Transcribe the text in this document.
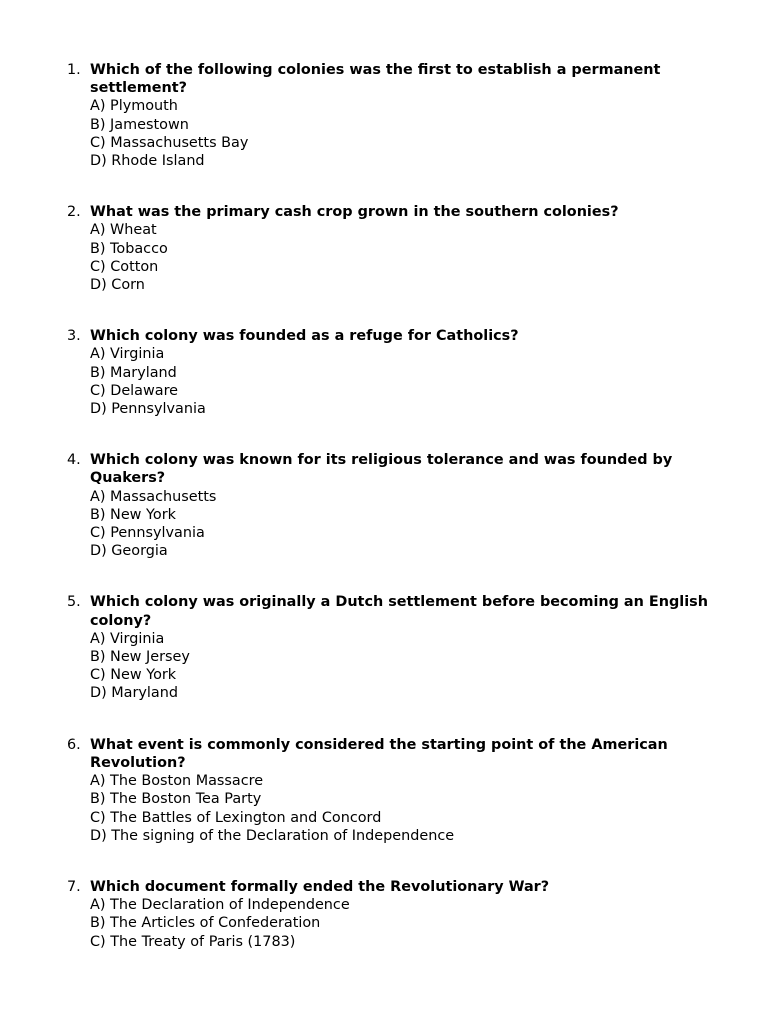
1. Which of the following colonies was the first to establish a permanent settlement?
A) Plymouth
B) Jamestown
C) Massachusetts Bay
D) Rhode Island
2. What was the primary cash crop grown in the southern colonies?
A) Wheat
B) Tobacco
C) Cotton
D) Corn
3. Which colony was founded as a refuge for Catholics?
A) Virginia
B) Maryland
C) Delaware
D) Pennsylvania
4. Which colony was known for its religious tolerance and was founded by Quakers?
A) Massachusetts
B) New York
C) Pennsylvania
D) Georgia
5. Which colony was originally a Dutch settlement before becoming an English colony?
A) Virginia
B) New Jersey
C) New York
D) Maryland
6. What event is commonly considered the starting point of the American Revolution?
A) The Boston Massacre
B) The Boston Tea Party
C) The Battles of Lexington and Concord
D) The signing of the Declaration of Independence
7. Which document formally ended the Revolutionary War?
A) The Declaration of Independence
B) The Articles of Confederation
C) The Treaty of Paris (1783)
